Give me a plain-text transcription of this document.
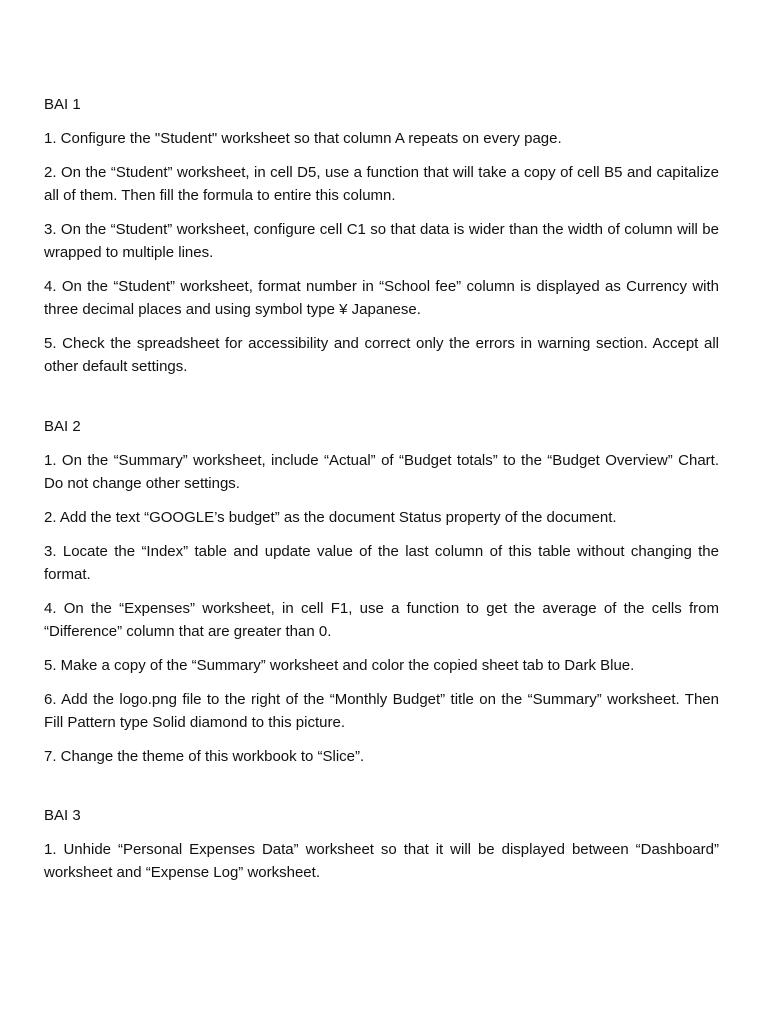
BAI 1

1. Configure the "Student" worksheet so that column A repeats on every page.

2. On the “Student” worksheet, in cell D5, use a function that will take a copy of cell B5 and capitalize all of them. Then fill the formula to entire this column.

3. On the “Student” worksheet, configure cell C1 so that data is wider than the width of column will be wrapped to multiple lines.

4. On the “Student” worksheet, format number in “School fee” column is displayed as Currency with three decimal places and using symbol type ¥ Japanese.

5. Check the spreadsheet for accessibility and correct only the errors in warning section. Accept all other default settings.

BAI 2

1. On the “Summary” worksheet, include “Actual” of “Budget totals” to the “Budget Overview” Chart. Do not change other settings.

2. Add the text “GOOGLE’s budget” as the document Status property of the document.

3. Locate the “Index” table and update value of the last column of this table without changing the format.

4. On the “Expenses” worksheet, in cell F1, use a function to get the average of the cells from “Difference” column that are greater than 0.

5. Make a copy of the “Summary” worksheet and color the copied sheet tab to Dark Blue.

6. Add the logo.png file to the right of the “Monthly Budget” title on the “Summary” worksheet. Then Fill Pattern type Solid diamond to this picture.

7. Change the theme of this workbook to “Slice”.

BAI 3

1. Unhide “Personal Expenses Data” worksheet so that it will be displayed between “Dashboard” worksheet and “Expense Log” worksheet.
